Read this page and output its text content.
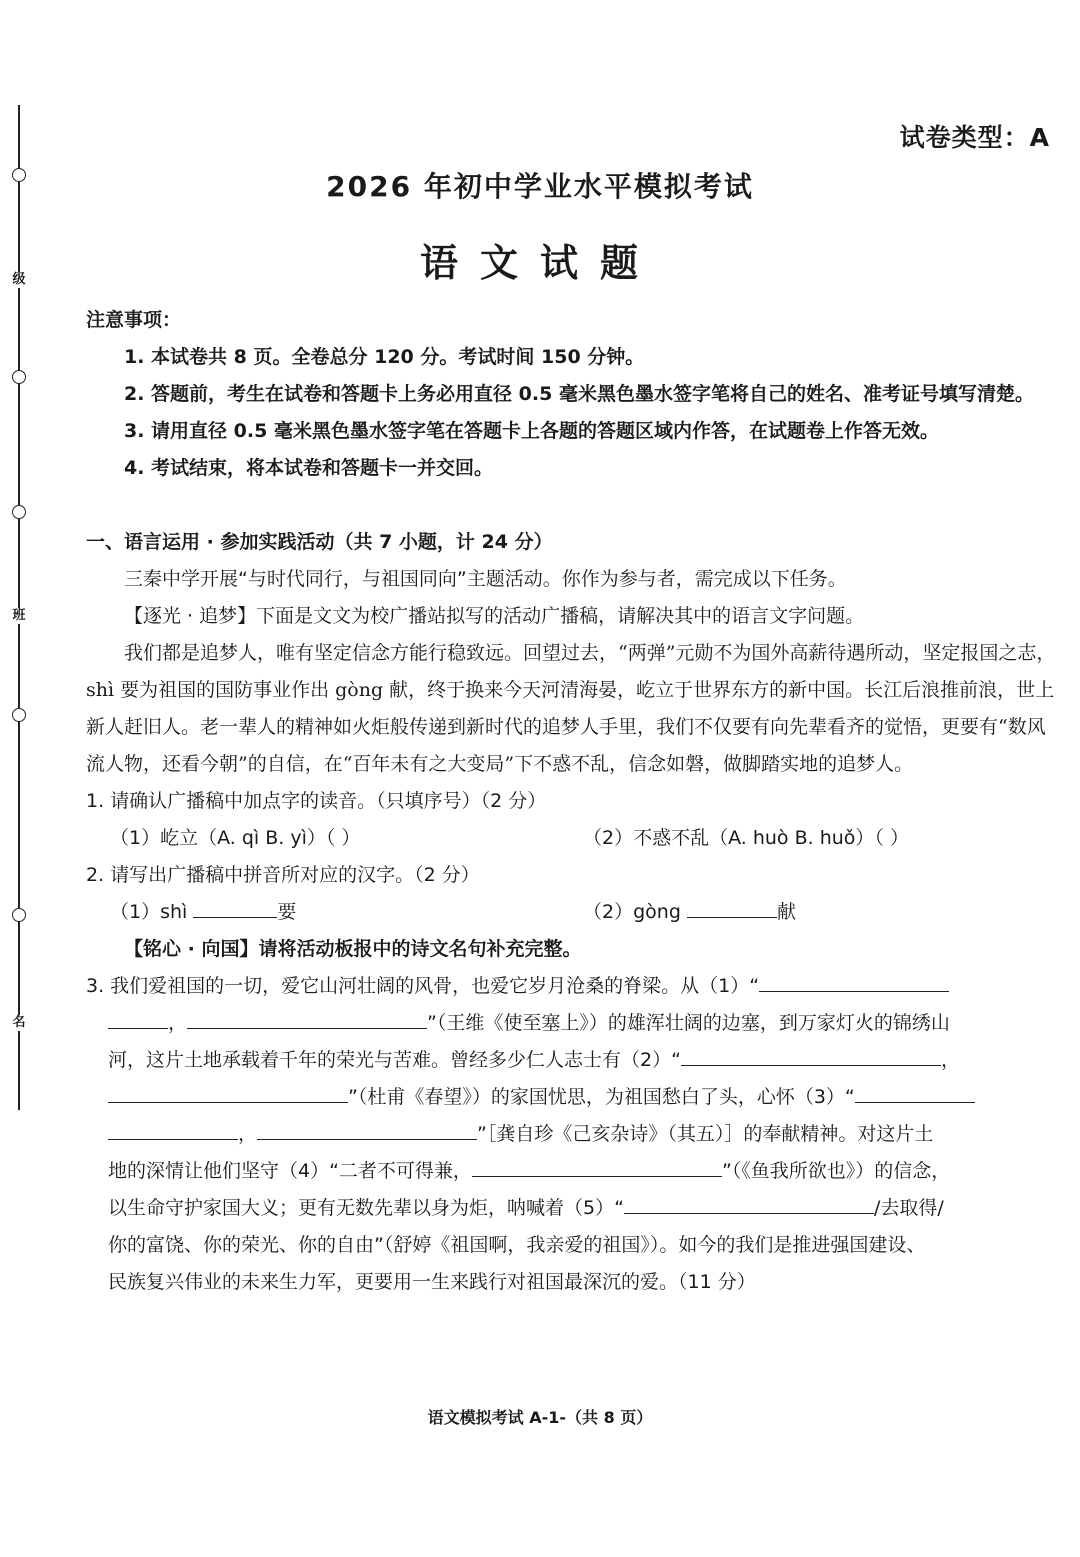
级
班
名
试卷类型：A
2026 年初中学业水平模拟考试
语文试题

注意事项：

1. 本试卷共 8 页。全卷总分 120 分。考试时间 150 分钟。

2. 答题前，考生在试卷和答题卡上务必用直径 0.5 毫米黑色墨水签字笔将自己的姓名、准考证号填写清楚。

3. 请用直径 0.5 毫米黑色墨水签字笔在答题卡上各题的答题区域内作答，在试题卷上作答无效。

4. 考试结束，将本试卷和答题卡一并交回。

一、语言运用 · 参加实践活动（共 7 小题，计 24 分）

三秦中学开展“与时代同行，与祖国同向”主题活动。你作为参与者，需完成以下任务。

【逐光 · 追梦】下面是文文为校广播站拟写的活动广播稿，请解决其中的语言文字问题。

我们都是追梦人，唯有坚定信念方能行稳致远。回望过去，“两弹”元勋不为国外高薪待遇所动，坚定报国之志，shì 要为祖国的国防事业作出 gòng 献，终于换来今天河清海晏，屹立于世界东方的新中国。长江后浪推前浪，世上新人赶旧人。老一辈人的精神如火炬般传递到新时代的追梦人手里，我们不仅要有向先辈看齐的觉悟，更要有“数风流人物，还看今朝”的自信，在“百年未有之大变局”下不惑不乱，信念如磐，做脚踏实地的追梦人。

1. 请确认广播稿中加点字的读音。（只填序号）（2 分）

（1）屹立（A. qì B. yì）（ ）	（2）不惑不乱（A. huò B. huǒ）（ ）

2. 请写出广播稿中拼音所对应的汉字。（2 分）

（1）shì	要	（2）gòng	献

【铭心 · 向国】请将活动板报中的诗文名句补充完整。

3. 我们爱祖国的一切，爱它山河壮阔的风骨，也爱它岁月沧桑的脊梁。从（1）“

，	”（王维《使至塞上》）的雄浑壮阔的边塞，到万家灯火的锦绣山

河，这片土地承载着千年的荣光与苦难。曾经多少仁人志士有（2）“	，

”（杜甫《春望》）的家国忧思，为祖国愁白了头，心怀（3）“

，	”［龚自珍《己亥杂诗》（其五）］的奉献精神。对这片土

地的深情让他们坚守（4）“二者不可得兼，	”（《鱼我所欲也》）的信念，

以生命守护家国大义；更有无数先辈以身为炬，呐喊着（5）“	/去取得/

你的富饶、你的荣光、你的自由”（舒婷《祖国啊，我亲爱的祖国》）。如今的我们是推进强国建设、

民族复兴伟业的未来生力军，更要用一生来践行对祖国最深沉的爱。（11 分）

语文模拟考试 A-1-（共 8 页）
